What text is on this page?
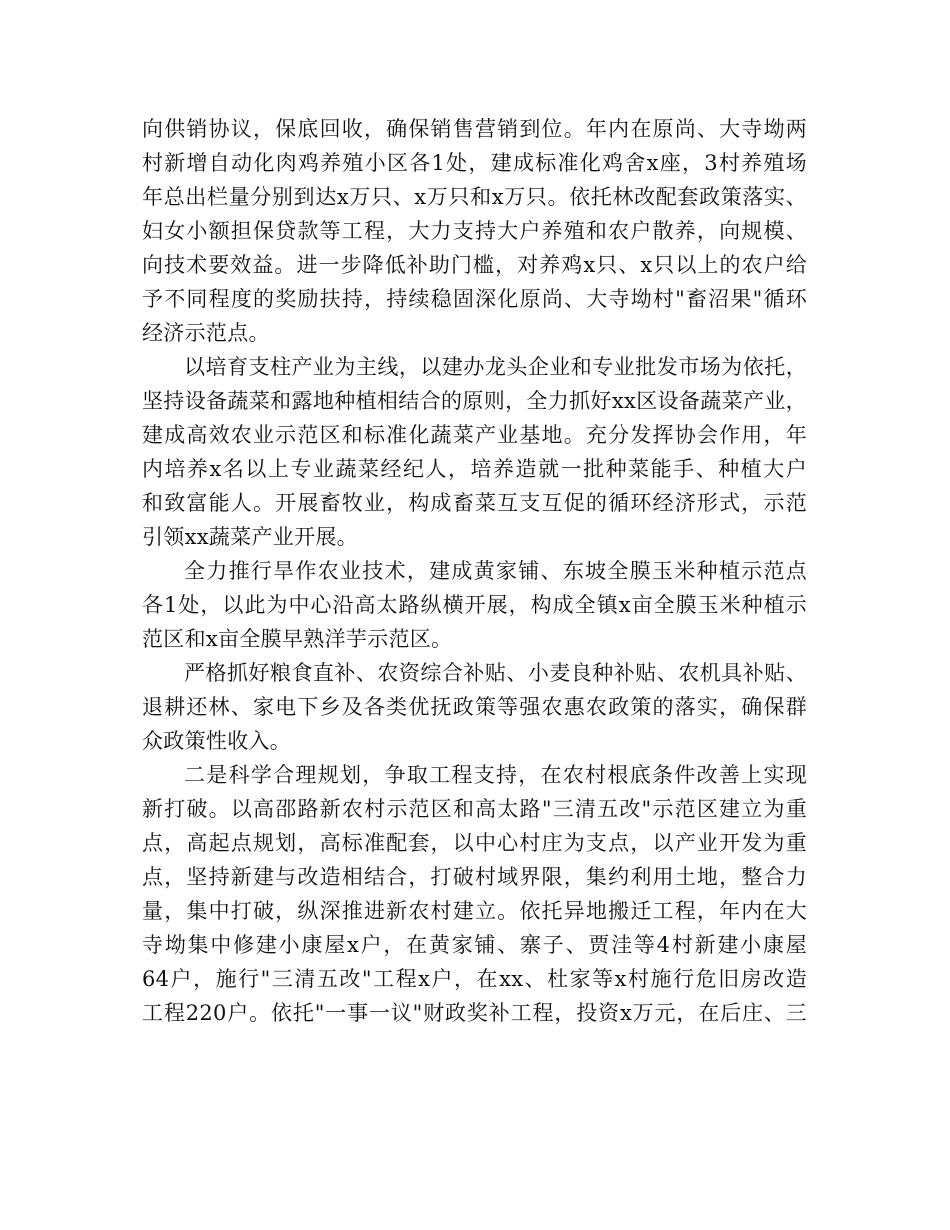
向供销协议，保底回收，确保销售营销到位。年内在原尚、大寺坳两
村新增自动化肉鸡养殖小区各1处，建成标准化鸡舍x座，3村养殖场
年总出栏量分别到达x万只、x万只和x万只。依托林改配套政策落实、
妇女小额担保贷款等工程，大力支持大户养殖和农户散养，向规模、
向技术要效益。进一步降低补助门槛，对养鸡x只、x只以上的农户给
予不同程度的奖励扶持，持续稳固深化原尚、大寺坳村"畜沼果"循环
经济示范点。
以培育支柱产业为主线，以建办龙头企业和专业批发市场为依托，
坚持设备蔬菜和露地种植相结合的原则，全力抓好xx区设备蔬菜产业，
建成高效农业示范区和标准化蔬菜产业基地。充分发挥协会作用，年
内培养x名以上专业蔬菜经纪人，培养造就一批种菜能手、种植大户
和致富能人。开展畜牧业，构成畜菜互支互促的循环经济形式，示范
引领xx蔬菜产业开展。
全力推行旱作农业技术，建成黄家铺、东坡全膜玉米种植示范点
各1处，以此为中心沿高太路纵横开展，构成全镇x亩全膜玉米种植示
范区和x亩全膜早熟洋芋示范区。
严格抓好粮食直补、农资综合补贴、小麦良种补贴、农机具补贴、
退耕还林、家电下乡及各类优抚政策等强农惠农政策的落实，确保群
众政策性收入。
二是科学合理规划，争取工程支持，在农村根底条件改善上实现
新打破。以高邵路新农村示范区和高太路"三清五改"示范区建立为重
点，高起点规划，高标准配套，以中心村庄为支点，以产业开发为重
点，坚持新建与改造相结合，打破村域界限，集约利用土地，整合力
量，集中打破，纵深推进新农村建立。依托异地搬迁工程，年内在大
寺坳集中修建小康屋x户，在黄家铺、寨子、贾洼等4村新建小康屋
64户，施行"三清五改"工程x户，在xx、杜家等x村施行危旧房改造
工程220户。依托"一事一议"财政奖补工程，投资x万元，在后庄、三
